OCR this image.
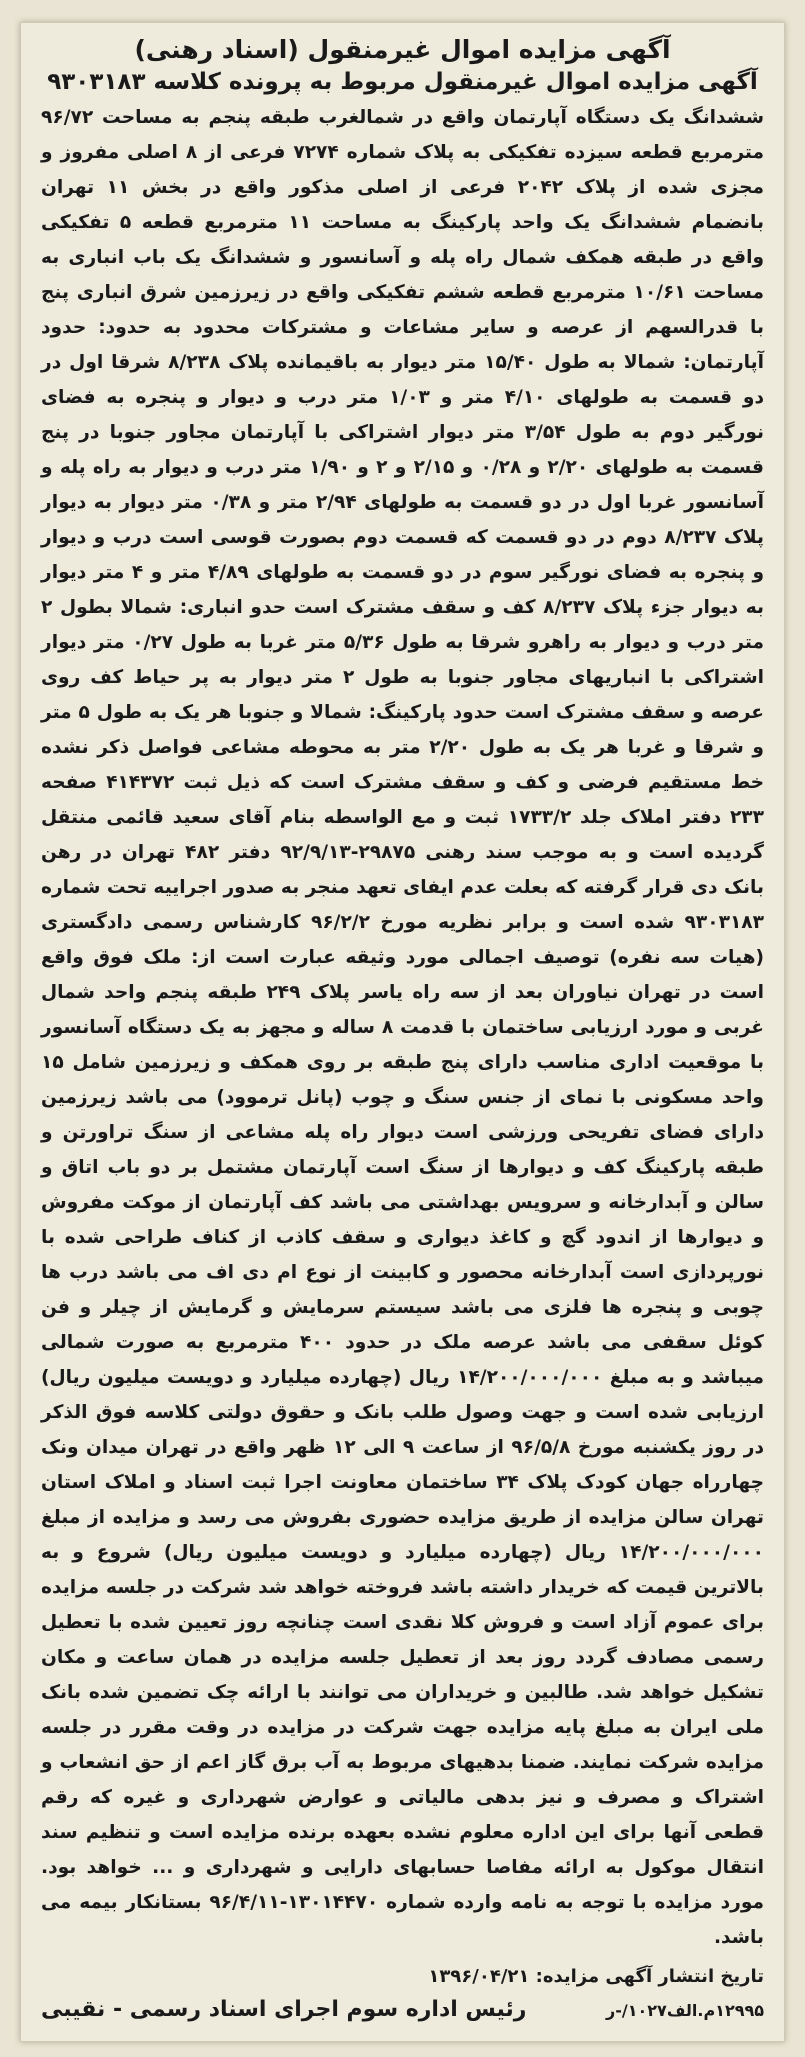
آگهی مزایده اموال غیرمنقول (اسناد رهنی)

آگهی مزایده اموال غیرمنقول مربوط به پرونده کلاسه ۹۳۰۳۱۸۳

ششدانگ یک دستگاه آپارتمان واقع در شمالغرب طبقه پنجم به مساحت ۹۶/۷۲ مترمربع قطعه سیزده تفکیکی به پلاک شماره ۷۲۷۴ فرعی از ۸ اصلی مفروز و مجزی شده از پلاک ۲۰۴۲ فرعی از اصلی مذکور واقع در بخش ۱۱ تهران بانضمام ششدانگ یک واحد پارکینگ به مساحت ۱۱ مترمربع قطعه ۵ تفکیکی واقع در طبقه همکف شمال راه پله و آسانسور و ششدانگ یک باب انباری به مساحت ۱۰/۶۱ مترمربع قطعه ششم تفکیکی واقع در زیرزمین شرق انباری پنج با قدرالسهم از عرصه و سایر مشاعات و مشترکات محدود به حدود: حدود آپارتمان: شمالا به طول ۱۵/۴۰ متر دیوار به باقیمانده پلاک ۸/۲۳۸ شرقا اول در دو قسمت به طولهای ۴/۱۰ متر و ۱/۰۳ متر درب و دیوار و پنجره به فضای نورگیر دوم به طول ۳/۵۴ متر دیوار اشتراکی با آپارتمان مجاور جنوبا در پنج قسمت به طولهای ۲/۲۰ و ۰/۲۸ و ۲/۱۵ و ۲ و ۱/۹۰ متر درب و دیوار به راه پله و آسانسور غربا اول در دو قسمت به طولهای ۲/۹۴ متر و ۰/۳۸ متر دیوار به دیوار پلاک ۸/۲۳۷ دوم در دو قسمت که قسمت دوم بصورت قوسی است درب و دیوار و پنجره به فضای نورگیر سوم در دو قسمت به طولهای ۴/۸۹ متر و ۴ متر دیوار به دیوار جزء پلاک ۸/۲۳۷ کف و سقف مشترک است حدو انباری: شمالا بطول ۲ متر درب و دیوار به راهرو شرقا به طول ۵/۳۶ متر غربا به طول ۰/۲۷ متر دیوار اشتراکی با انباریهای مجاور جنوبا به طول ۲ متر دیوار به پر حیاط کف روی عرصه و سقف مشترک است حدود پارکینگ: شمالا و جنوبا هر یک به طول ۵ متر و شرقا و غربا هر یک به طول ۲/۲۰ متر به محوطه مشاعی فواصل ذکر نشده خط مستقیم فرضی و کف و سقف مشترک است که ذیل ثبت ۴۱۴۳۷۲ صفحه ۲۳۳ دفتر املاک جلد ۱۷۳۳/۲ ثبت و مع الواسطه بنام آقای سعید قائمی منتقل گردیده است و به موجب سند رهنی ۲۹۸۷۵-۹۲/۹/۱۳ دفتر ۴۸۲ تهران در رهن بانک دی قرار گرفته که بعلت عدم ایفای تعهد منجر به صدور اجراییه تحت شماره ۹۳۰۳۱۸۳ شده است و برابر نظریه مورخ ۹۶/۲/۲ کارشناس رسمی دادگستری (هیات سه نفره) توصیف اجمالی مورد وثیقه عبارت است از: ملک فوق واقع است در تهران نیاوران بعد از سه راه یاسر پلاک ۲۴۹ طبقه پنجم واحد شمال غربی و مورد ارزیابی ساختمان با قدمت ۸ ساله و مجهز به یک دستگاه آسانسور با موقعیت اداری مناسب دارای پنج طبقه بر روی همکف و زیرزمین شامل ۱۵ واحد مسکونی با نمای از جنس سنگ و چوب (پانل ترموود) می باشد زیرزمین دارای فضای تفریحی ورزشی است دیوار راه پله مشاعی از سنگ تراورتن و طبقه پارکینگ کف و دیوارها از سنگ است آپارتمان مشتمل بر دو باب اتاق و سالن و آبدارخانه و سرویس بهداشتی می باشد کف آپارتمان از موکت مفروش و دیوارها از اندود گچ و کاغذ دیواری و سقف کاذب از کناف طراحی شده با نورپردازی است آبدارخانه محصور و کابینت از نوع ام دی اف می باشد درب ها چوبی و پنجره ها فلزی می باشد سیستم سرمایش و گرمایش از چیلر و فن کوئل سقفی می باشد عرصه ملک در حدود ۴۰۰ مترمربع به صورت شمالی میباشد و به مبلغ ۱۴/۲۰۰/۰۰۰/۰۰۰ ریال (چهارده میلیارد و دویست میلیون ریال) ارزیابی شده است و جهت وصول طلب بانک و حقوق دولتی کلاسه فوق الذکر در روز یکشنبه مورخ ۹۶/۵/۸ از ساعت ۹ الی ۱۲ ظهر واقع در تهران میدان ونک چهارراه جهان کودک پلاک ۳۴ ساختمان معاونت اجرا ثبت اسناد و املاک استان تهران سالن مزایده از طریق مزایده حضوری بفروش می رسد و مزایده از مبلغ ۱۴/۲۰۰/۰۰۰/۰۰۰ ریال (چهارده میلیارد و دویست میلیون ریال) شروع و به بالاترین قیمت که خریدار داشته باشد فروخته خواهد شد شرکت در جلسه مزایده برای عموم آزاد است و فروش کلا نقدی است چنانچه روز تعیین شده با تعطیل رسمی مصادف گردد روز بعد از تعطیل جلسه مزایده در همان ساعت و مکان تشکیل خواهد شد. طالبین و خریداران می توانند با ارائه چک تضمین شده بانک ملی ایران به مبلغ پایه مزایده جهت شرکت در مزایده در وقت مقرر در جلسه مزایده شرکت نمایند. ضمنا بدهیهای مربوط به آب برق گاز اعم از حق انشعاب و اشتراک و مصرف و نیز بدهی مالیاتی و عوارض شهرداری و غیره که رقم قطعی آنها برای این اداره معلوم نشده بعهده برنده مزایده است و تنظیم سند انتقال موکول به ارائه مفاصا حسابهای دارایی و شهرداری و ... خواهد بود. مورد مزایده با توجه به نامه وارده شماره ۱۳۰۱۴۴۷۰-۹۶/۴/۱۱ بستانکار بیمه می باشد.

تاریخ انتشار آگهی مزایده: ۱۳۹۶/۰۴/۲۱

۱۲۹۹۵م.الف۱۰۲۷/-ر
رئیس اداره سوم اجرای اسناد رسمی - نقیبی
